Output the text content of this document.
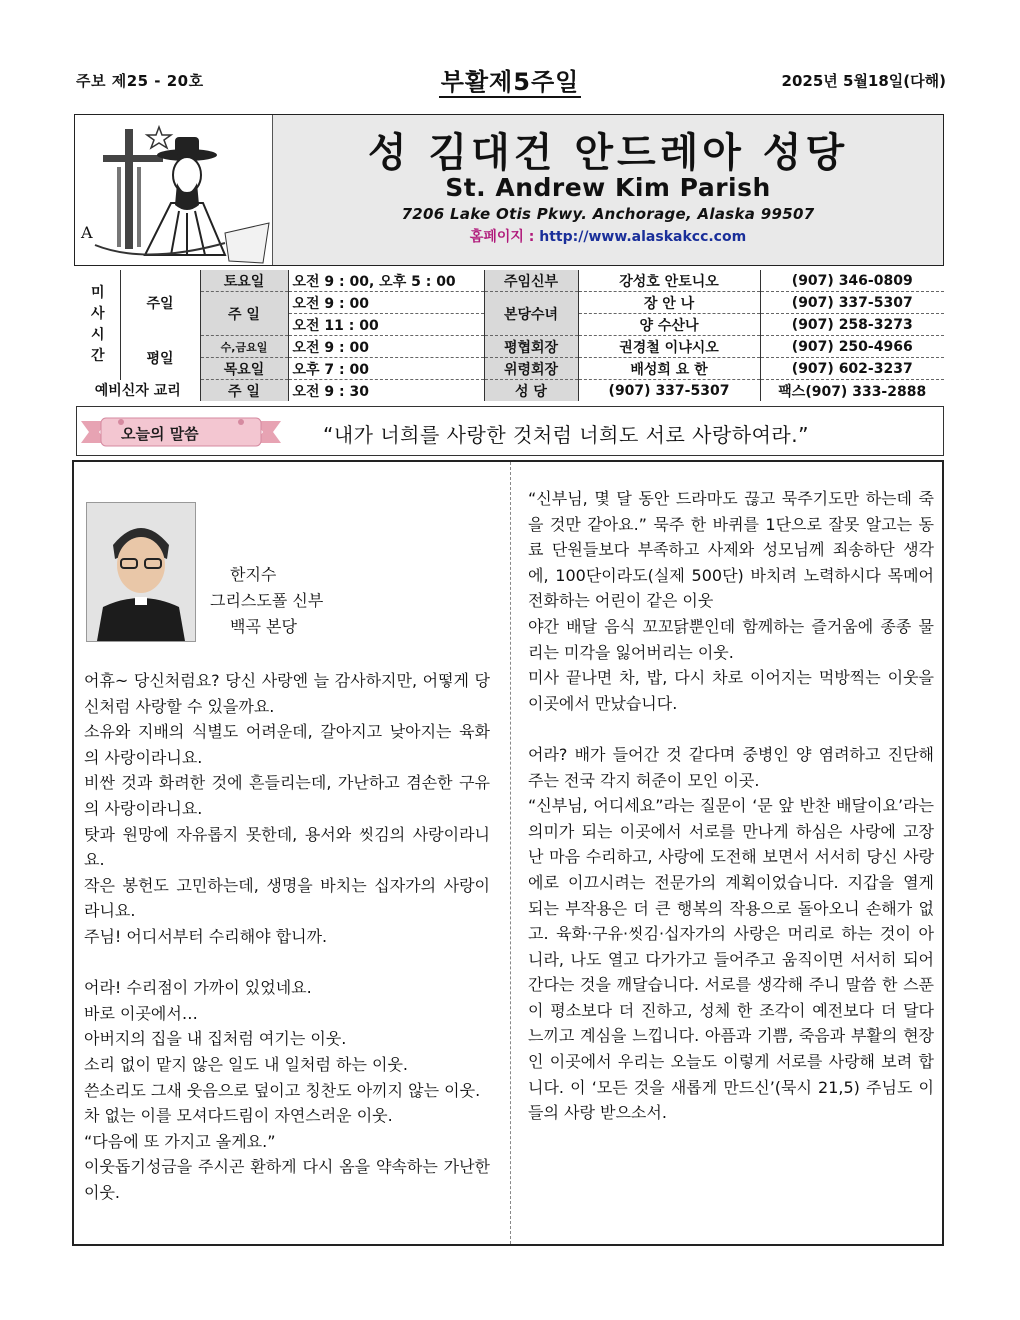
주보 제25 - 20호	부활제5주일	2025년 5월18일(다해)
A
성 김대건 안드레아 성당
St. Andrew Kim Parish
7206 Lake Otis Pkwy. Anchorage, Alaska 99507
홈페이지 : http://www.alaskakcc.com
미
사
시
간	주일	토요일	오전 9 : 00, 오후 5 : 00	주임신부	강성호 안토니오	(907) 346-0809
		주 일	오전 9 : 00	본당수녀	장 안 나	(907) 337-5307
			오전 11 : 00		양 수산나	(907) 258-3273
	평일	수,금요일	오전 9 : 00	평협회장	권경철 이냐시오	(907) 250-4966
		목요일	오후 7 : 00	위령회장	배성희 요 한	(907) 602-3237
예비신자 교리		주 일	오전 9 : 30	성 당	(907) 337-5307	팩스(907) 333-2888
오늘의 말씀	“내가 너희를 사랑한 것처럼 너희도 서로 사랑하여라.”
한지수
그리스도폴 신부
백곡 본당

어휴~ 당신처럼요? 당신 사랑엔 늘 감사하지만, 어떻게 당신처럼 사랑할 수 있을까요.

소유와 지배의 식별도 어려운데, 갈아지고 낮아지는 육화의 사랑이라니요.

비싼 것과 화려한 것에 흔들리는데, 가난하고 겸손한 구유의 사랑이라니요.

탓과 원망에 자유롭지 못한데, 용서와 씻김의 사랑이라니요.

작은 봉헌도 고민하는데, 생명을 바치는 십자가의 사랑이라니요.

주님! 어디서부터 수리해야 합니까.

어라! 수리점이 가까이 있었네요.

바로 이곳에서…

아버지의 집을 내 집처럼 여기는 이웃.

소리 없이 맡지 않은 일도 내 일처럼 하는 이웃.

쓴소리도 그새 웃음으로 덮이고 칭찬도 아끼지 않는 이웃.

차 없는 이를 모셔다드림이 자연스러운 이웃.

“다음에 또 가지고 올게요.”

이웃돕기성금을 주시곤 환하게 다시 옴을 약속하는 가난한 이웃.

“신부님, 몇 달 동안 드라마도 끊고 묵주기도만 하는데 죽을 것만 같아요.” 묵주 한 바퀴를 1단으로 잘못 알고는 동료 단원들보다 부족하고 사제와 성모님께 죄송하단 생각에, 100단이라도(실제 500단) 바치려 노력하시다 목메어 전화하는 어린이 같은 이웃

야간 배달 음식 꼬꼬닭뿐인데 함께하는 즐거움에 종종 물리는 미각을 잃어버리는 이웃.

미사 끝나면 차, 밥, 다시 차로 이어지는 먹방찍는 이웃을 이곳에서 만났습니다.

어라? 배가 들어간 것 같다며 중병인 양 염려하고 진단해 주는 전국 각지 허준이 모인 이곳.

“신부님, 어디세요”라는 질문이 ‘문 앞 반찬 배달이요’라는 의미가 되는 이곳에서 서로를 만나게 하심은 사랑에 고장 난 마음 수리하고, 사랑에 도전해 보면서 서서히 당신 사랑에로 이끄시려는 전문가의 계획이었습니다. 지갑을 열게 되는 부작용은 더 큰 행복의 작용으로 돌아오니 손해가 없고. 육화·구유·씻김·십자가의 사랑은 머리로 하는 것이 아니라, 나도 열고 다가가고 들어주고 움직이면 서서히 되어간다는 것을 깨달습니다. 서로를 생각해 주니 말씀 한 스푼이 평소보다 더 진하고, 성체 한 조각이 예전보다 더 달다 느끼고 계심을 느낍니다. 아픔과 기쁨, 죽음과 부활의 현장인 이곳에서 우리는 오늘도 이렇게 서로를 사랑해 보려 합니다. 이 ‘모든 것을 새롭게 만드신’(묵시 21,5) 주님도 이들의 사랑 받으소서.
